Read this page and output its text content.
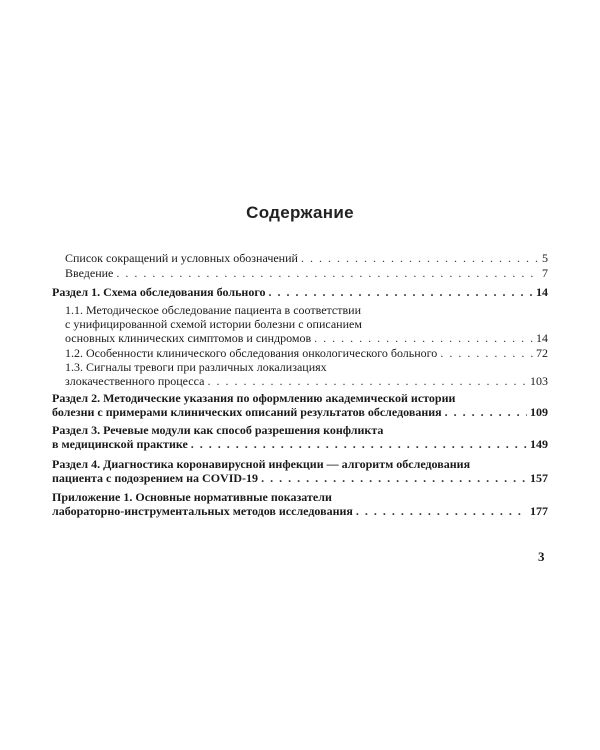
Содержание
Список сокращений и условных обозначений . . .	5
Введение . . .	7
Раздел 1. Схема обследования больного . . .	14
1.1. Методическое обследование пациента в соответствии
с унифицированной схемой истории болезни с описанием
основных клинических симптомов и синдромов . . .	14
1.2. Особенности клинического обследования онкологического больного . . .	72
1.3. Сигналы тревоги при различных локализациях
злокачественного процесса . . .	103
Раздел 2. Методические указания по оформлению академической истории
болезни с примерами клинических описаний результатов обследования . . .	109
Раздел 3. Речевые модули как способ разрешения конфликта
в медицинской практике . . .	149
Раздел 4. Диагностика коронавирусной инфекции — алгоритм обследования
пациента с подозрением на COVID-19 . . .	157
Приложение 1. Основные нормативные показатели
лабораторно-инструментальных методов исследования . . .	177
3
